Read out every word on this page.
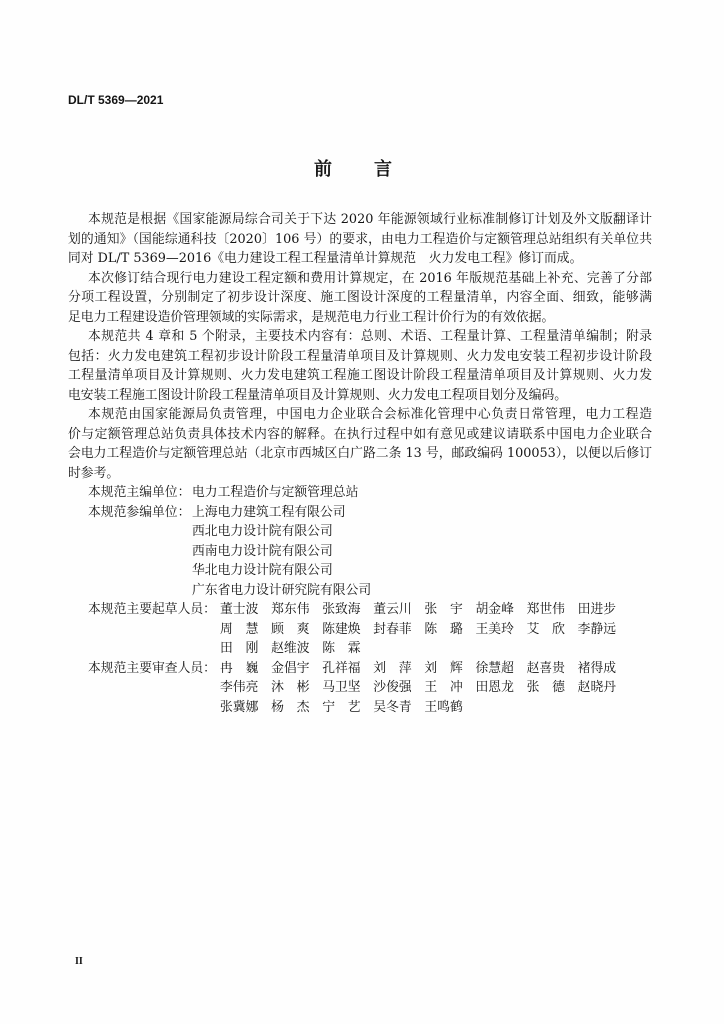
DL/T 5369—2021
前　言
本规范是根据《国家能源局综合司关于下达 2020 年能源领域行业标准制修订计划及外文版翻译计
划的通知》（国能综通科技〔2020〕106 号）的要求，由电力工程造价与定额管理总站组织有关单位共
同对 DL/T 5369—2016《电力建设工程工程量清单计算规范　火力发电工程》修订而成。
本次修订结合现行电力建设工程定额和费用计算规定，在 2016 年版规范基础上补充、完善了分部
分项工程设置，分别制定了初步设计深度、施工图设计深度的工程量清单，内容全面、细致，能够满
足电力工程建设造价管理领域的实际需求，是规范电力行业工程计价行为的有效依据。
本规范共 4 章和 5 个附录，主要技术内容有：总则、术语、工程量计算、工程量清单编制；附录
包括：火力发电建筑工程初步设计阶段工程量清单项目及计算规则、火力发电安装工程初步设计阶段
工程量清单项目及计算规则、火力发电建筑工程施工图设计阶段工程量清单项目及计算规则、火力发
电安装工程施工图设计阶段工程量清单项目及计算规则、火力发电工程项目划分及编码。
本规范由国家能源局负责管理，中国电力企业联合会标准化管理中心负责日常管理，电力工程造
价与定额管理总站负责具体技术内容的解释。在执行过程中如有意见或建议请联系中国电力企业联合
会电力工程造价与定额管理总站（北京市西城区白广路二条 13 号，邮政编码 100053），以便以后修订
时参考。
本规范主编单位： 电力工程造价与定额管理总站
本规范参编单位： 上海电力建筑工程有限公司
西北电力设计院有限公司
西南电力设计院有限公司
华北电力设计院有限公司
广东省电力设计研究院有限公司
本规范主要起草人员： 董士波 郑东伟 张致海 董云川 张　宇 胡金峰 郑世伟 田进步
周　慧 顾　爽 陈建焕 封春菲 陈　璐 王美玲 艾　欣 李静远
田　刚 赵维波 陈　霖
本规范主要审查人员： 冉　巍 金倡宇 孔祥福 刘　萍 刘　辉 徐慧超 赵喜贵 褚得成
李伟亮 沐　彬 马卫坚 沙俊强 王　冲 田恩龙 张　德 赵晓丹
张冀娜 杨　杰 宁　艺 吴冬青 王鸣鹤
II
